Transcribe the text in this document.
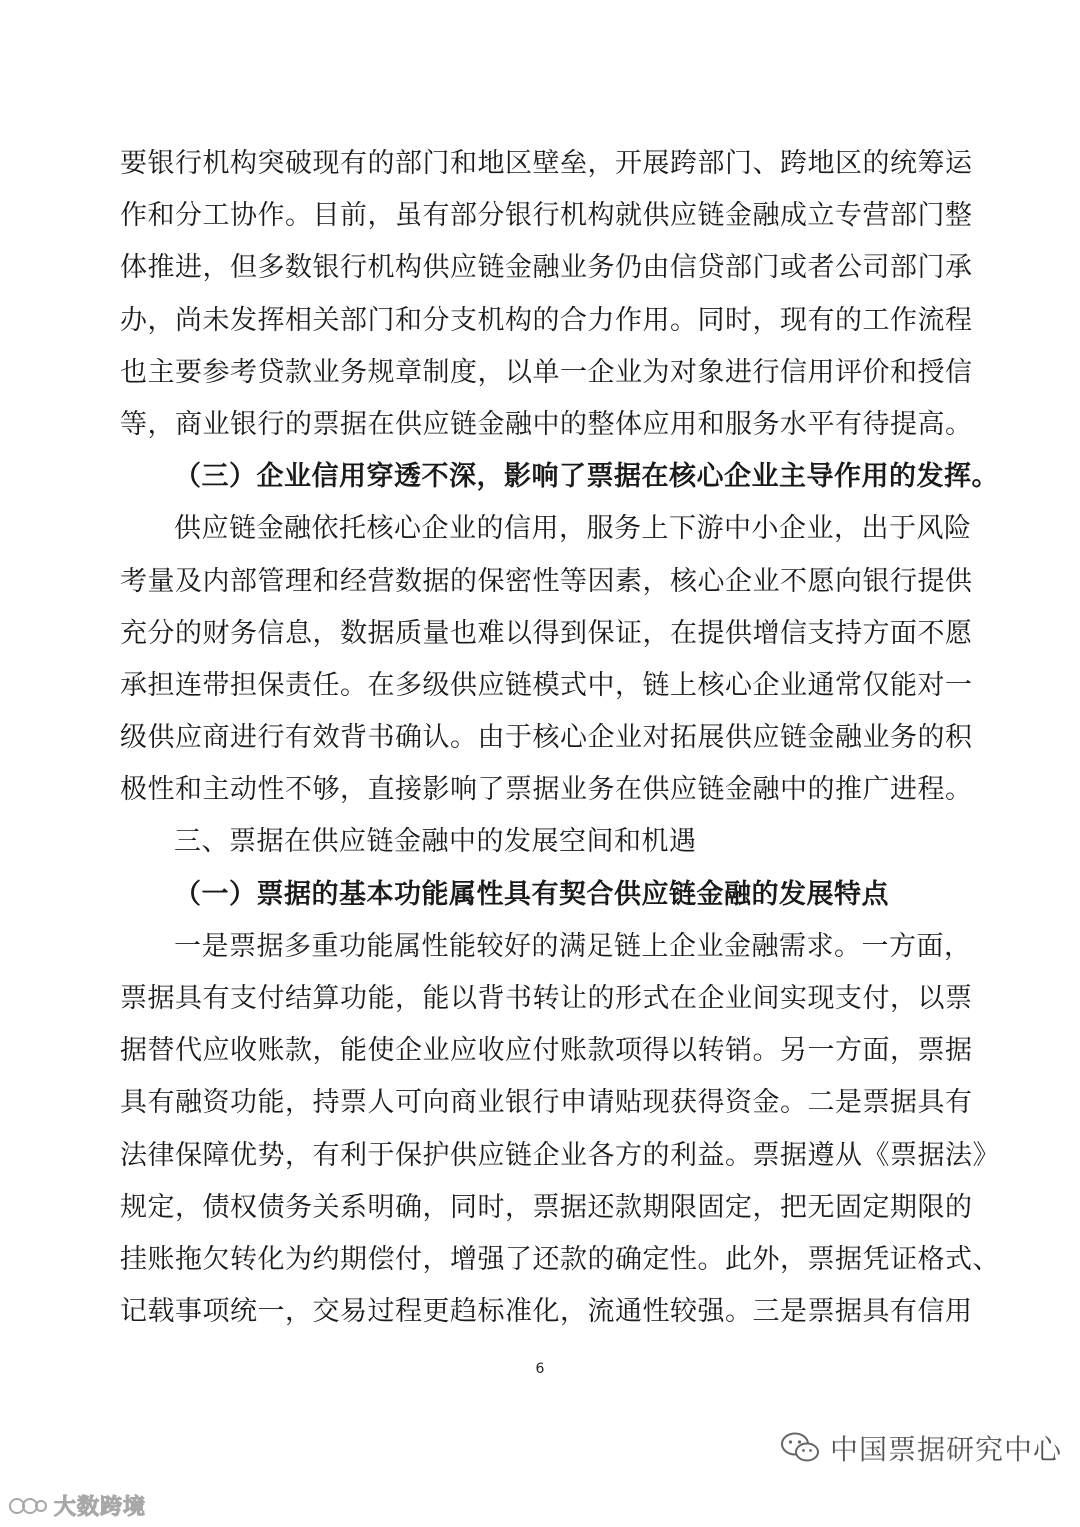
要银行机构突破现有的部门和地区壁垒，开展跨部门、跨地区的统筹运
作和分工协作。目前，虽有部分银行机构就供应链金融成立专营部门整
体推进，但多数银行机构供应链金融业务仍由信贷部门或者公司部门承
办，尚未发挥相关部门和分支机构的合力作用。同时，现有的工作流程
也主要参考贷款业务规章制度，以单一企业为对象进行信用评价和授信
等，商业银行的票据在供应链金融中的整体应用和服务水平有待提高。
（三）企业信用穿透不深，影响了票据在核心企业主导作用的发挥。
供应链金融依托核心企业的信用，服务上下游中小企业，出于风险
考量及内部管理和经营数据的保密性等因素，核心企业不愿向银行提供
充分的财务信息，数据质量也难以得到保证，在提供增信支持方面不愿
承担连带担保责任。在多级供应链模式中，链上核心企业通常仅能对一
级供应商进行有效背书确认。由于核心企业对拓展供应链金融业务的积
极性和主动性不够，直接影响了票据业务在供应链金融中的推广进程。
三、票据在供应链金融中的发展空间和机遇
（一）票据的基本功能属性具有契合供应链金融的发展特点
一是票据多重功能属性能较好的满足链上企业金融需求。一方面，
票据具有支付结算功能，能以背书转让的形式在企业间实现支付，以票
据替代应收账款，能使企业应收应付账款项得以转销。另一方面，票据
具有融资功能，持票人可向商业银行申请贴现获得资金。二是票据具有
法律保障优势，有利于保护供应链企业各方的利益。票据遵从《票据法》
规定，债权债务关系明确，同时，票据还款期限固定，把无固定期限的
挂账拖欠转化为约期偿付，增强了还款的确定性。此外，票据凭证格式、
记载事项统一，交易过程更趋标准化，流通性较强。三是票据具有信用
6
中国票据研究中心
大数跨境
